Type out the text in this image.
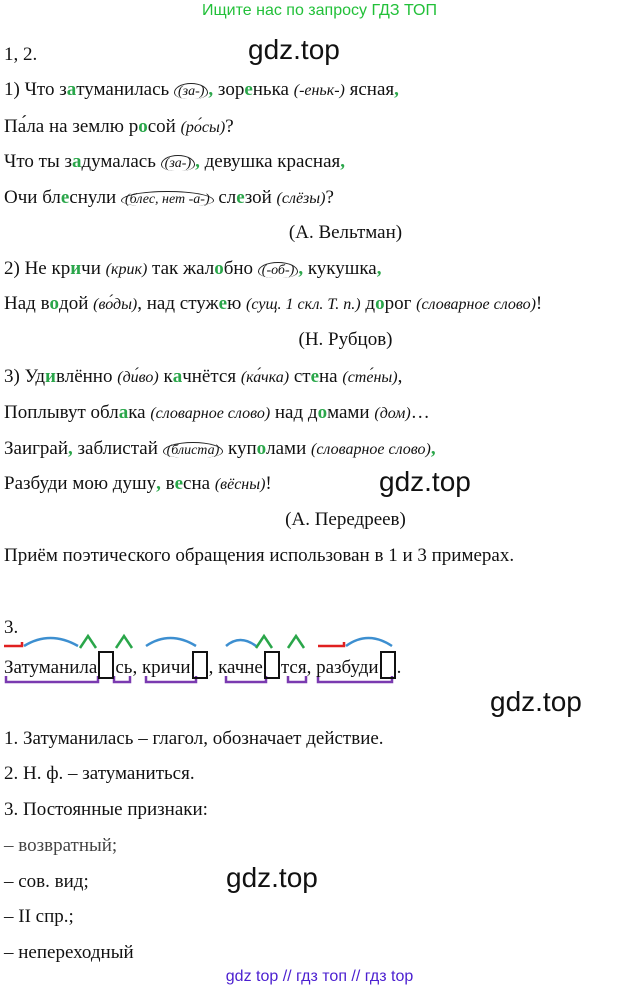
Ищите нас по запросу ГДЗ ТОП
gdz.top
gdz.top
gdz.top
gdz.top
1, 2.
1) Что затуманилась (за-) , зоренька (-еньк-) ясная,
Па́ла на землю росой (ро́сы)?
Что ты задумалась (за-) , девушка красная,
Очи блеснули (блес, нет -а-) слезой (слёзы)?
(А. Вельтман)
2) Не кричи (крик) так жалобно (-об-) , кукушка,
Над водой (во́ды), над стужею (сущ. 1 скл. Т. п.) дорог (словарное слово)!
(Н. Рубцов)
3) Удивлённо (ди́во) качнётся (ка́чка) стена (сте́ны),
Поплывут облака (словарное слово) над домами (дом)…
Заиграй, заблистай (блиста) куполами (словарное слово),
Разбуди мою душу, весна (вёсны)!
(А. Передреев)
Приём поэтического обращения использован в 1 и 3 примерах.
3.
Затуманила сь, кричи , качне тся, разбуди .
1. Затуманилась – глагол, обозначает действие.
2. Н. ф. – затуманиться.
3. Постоянные признаки:
– возвратный;
– сов. вид;
– II спр.;
– непереходный
gdz top // гдз топ // гдз top
